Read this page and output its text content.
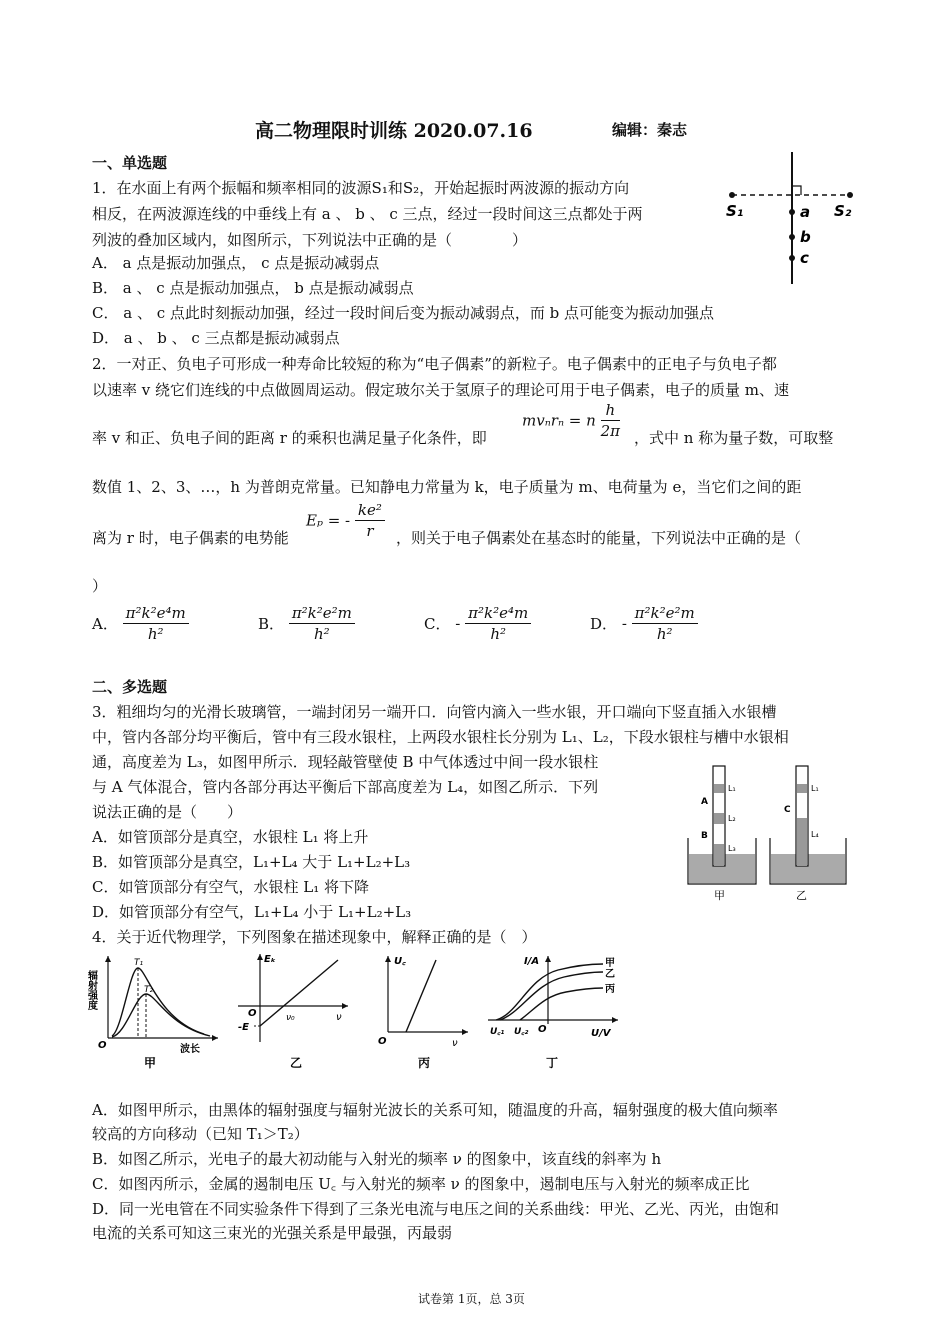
高二物理限时训练 2020.07.16	编辑：秦志
一、单选题
1．在水面上有两个振幅和频率相同的波源S₁和S₂，开始起振时两波源的振动方向
相反，在两波源连线的中垂线上有 a 、 b 、 c 三点，经过一段时间这三点都处于两
列波的叠加区域内，如图所示，下列说法中正确的是（　　　　）
A． a 点是振动加强点， c 点是振动减弱点
B． a 、 c 点是振动加强点， b 点是振动减弱点
C． a 、 c 点此时刻振动加强，经过一段时间后变为振动减弱点，而 b 点可能变为振动加强点
D． a 、 b 、 c 三点都是振动减弱点
S₁	S₂
a
b
c
2．一对正、负电子可形成一种寿命比较短的称为“电子偶素”的新粒子。电子偶素中的正电子与负电子都
以速率 v 绕它们连线的中点做圆周运动。假定玻尔关于氢原子的理论可用于电子偶素，电子的质量 m、速
率 v 和正、负电子间的距离 r 的乘积也满足量子化条件，即
mvₙrₙ = n $\frac{h}{2\pi}$ ，式中 n 称为量子数，可取整
数值 1、2、3、…，h 为普朗克常量。已知静电力常量为 k，电子质量为 m、电荷量为 e，当它们之间的距
离为 r 时，电子偶素的电势能
Eₚ = - $\frac{\text{ke²}}{r}$ ，则关于电子偶素处在基态时的能量，下列说法中正确的是（
）
A． $\frac{\text{π²k²e⁴m}}{\text{h²}}$	B． $\frac{\text{π²k²e²m}}{\text{h²}}$	C． - $\frac{\text{π²k²e⁴m}}{\text{h²}}$	D． - $\frac{\text{π²k²e²m}}{\text{h²}}$
二、多选题
3．粗细均匀的光滑长玻璃管，一端封闭另一端开口．向管内滴入一些水银，开口端向下竖直插入水银槽
中，管内各部分均平衡后，管中有三段水银柱，上两段水银柱长分别为 L₁、L₂，下段水银柱与槽中水银相
通，高度差为 L₃，如图甲所示．现轻敲管壁使 B 中气体透过中间一段水银柱
与 A 气体混合，管内各部分再达平衡后下部高度差为 L₄，如图乙所示．下列
说法正确的是（　　）
A．如管顶部分是真空，水银柱 L₁ 将上升
B．如管顶部分是真空，L₁+L₄ 大于 L₁+L₂+L₃
C．如管顶部分有空气，水银柱 L₁ 将下降
D．如管顶部分有空气，L₁+L₄ 小于 L₁+L₂+L₃
A
B
L₁
L₂
L₃
甲
C
L₁
L₄
乙
4．关于近代物理学，下列图象在描述现象中，解释正确的是（　）
辐射强度
波长
T₁
T₂
O
甲
Eₖ
ν
ν₀
-E
O
乙
U꜀
ν
O
丙
I/A
U/V
U꜀₁ U꜀₂ O
甲
乙
丙
丁
A．如图甲所示，由黑体的辐射强度与辐射光波长的关系可知，随温度的升高，辐射强度的极大值向频率
较高的方向移动（已知 T₁＞T₂）
B．如图乙所示，光电子的最大初动能与入射光的频率 ν 的图象中，该直线的斜率为 h
C．如图丙所示，金属的遏制电压 U꜀ 与入射光的频率 ν 的图象中，遏制电压与入射光的频率成正比
D．同一光电管在不同实验条件下得到了三条光电流与电压之间的关系曲线：甲光、乙光、丙光，由饱和
电流的关系可知这三束光的光强关系是甲最强，丙最弱
试卷第 1页，总 3页
